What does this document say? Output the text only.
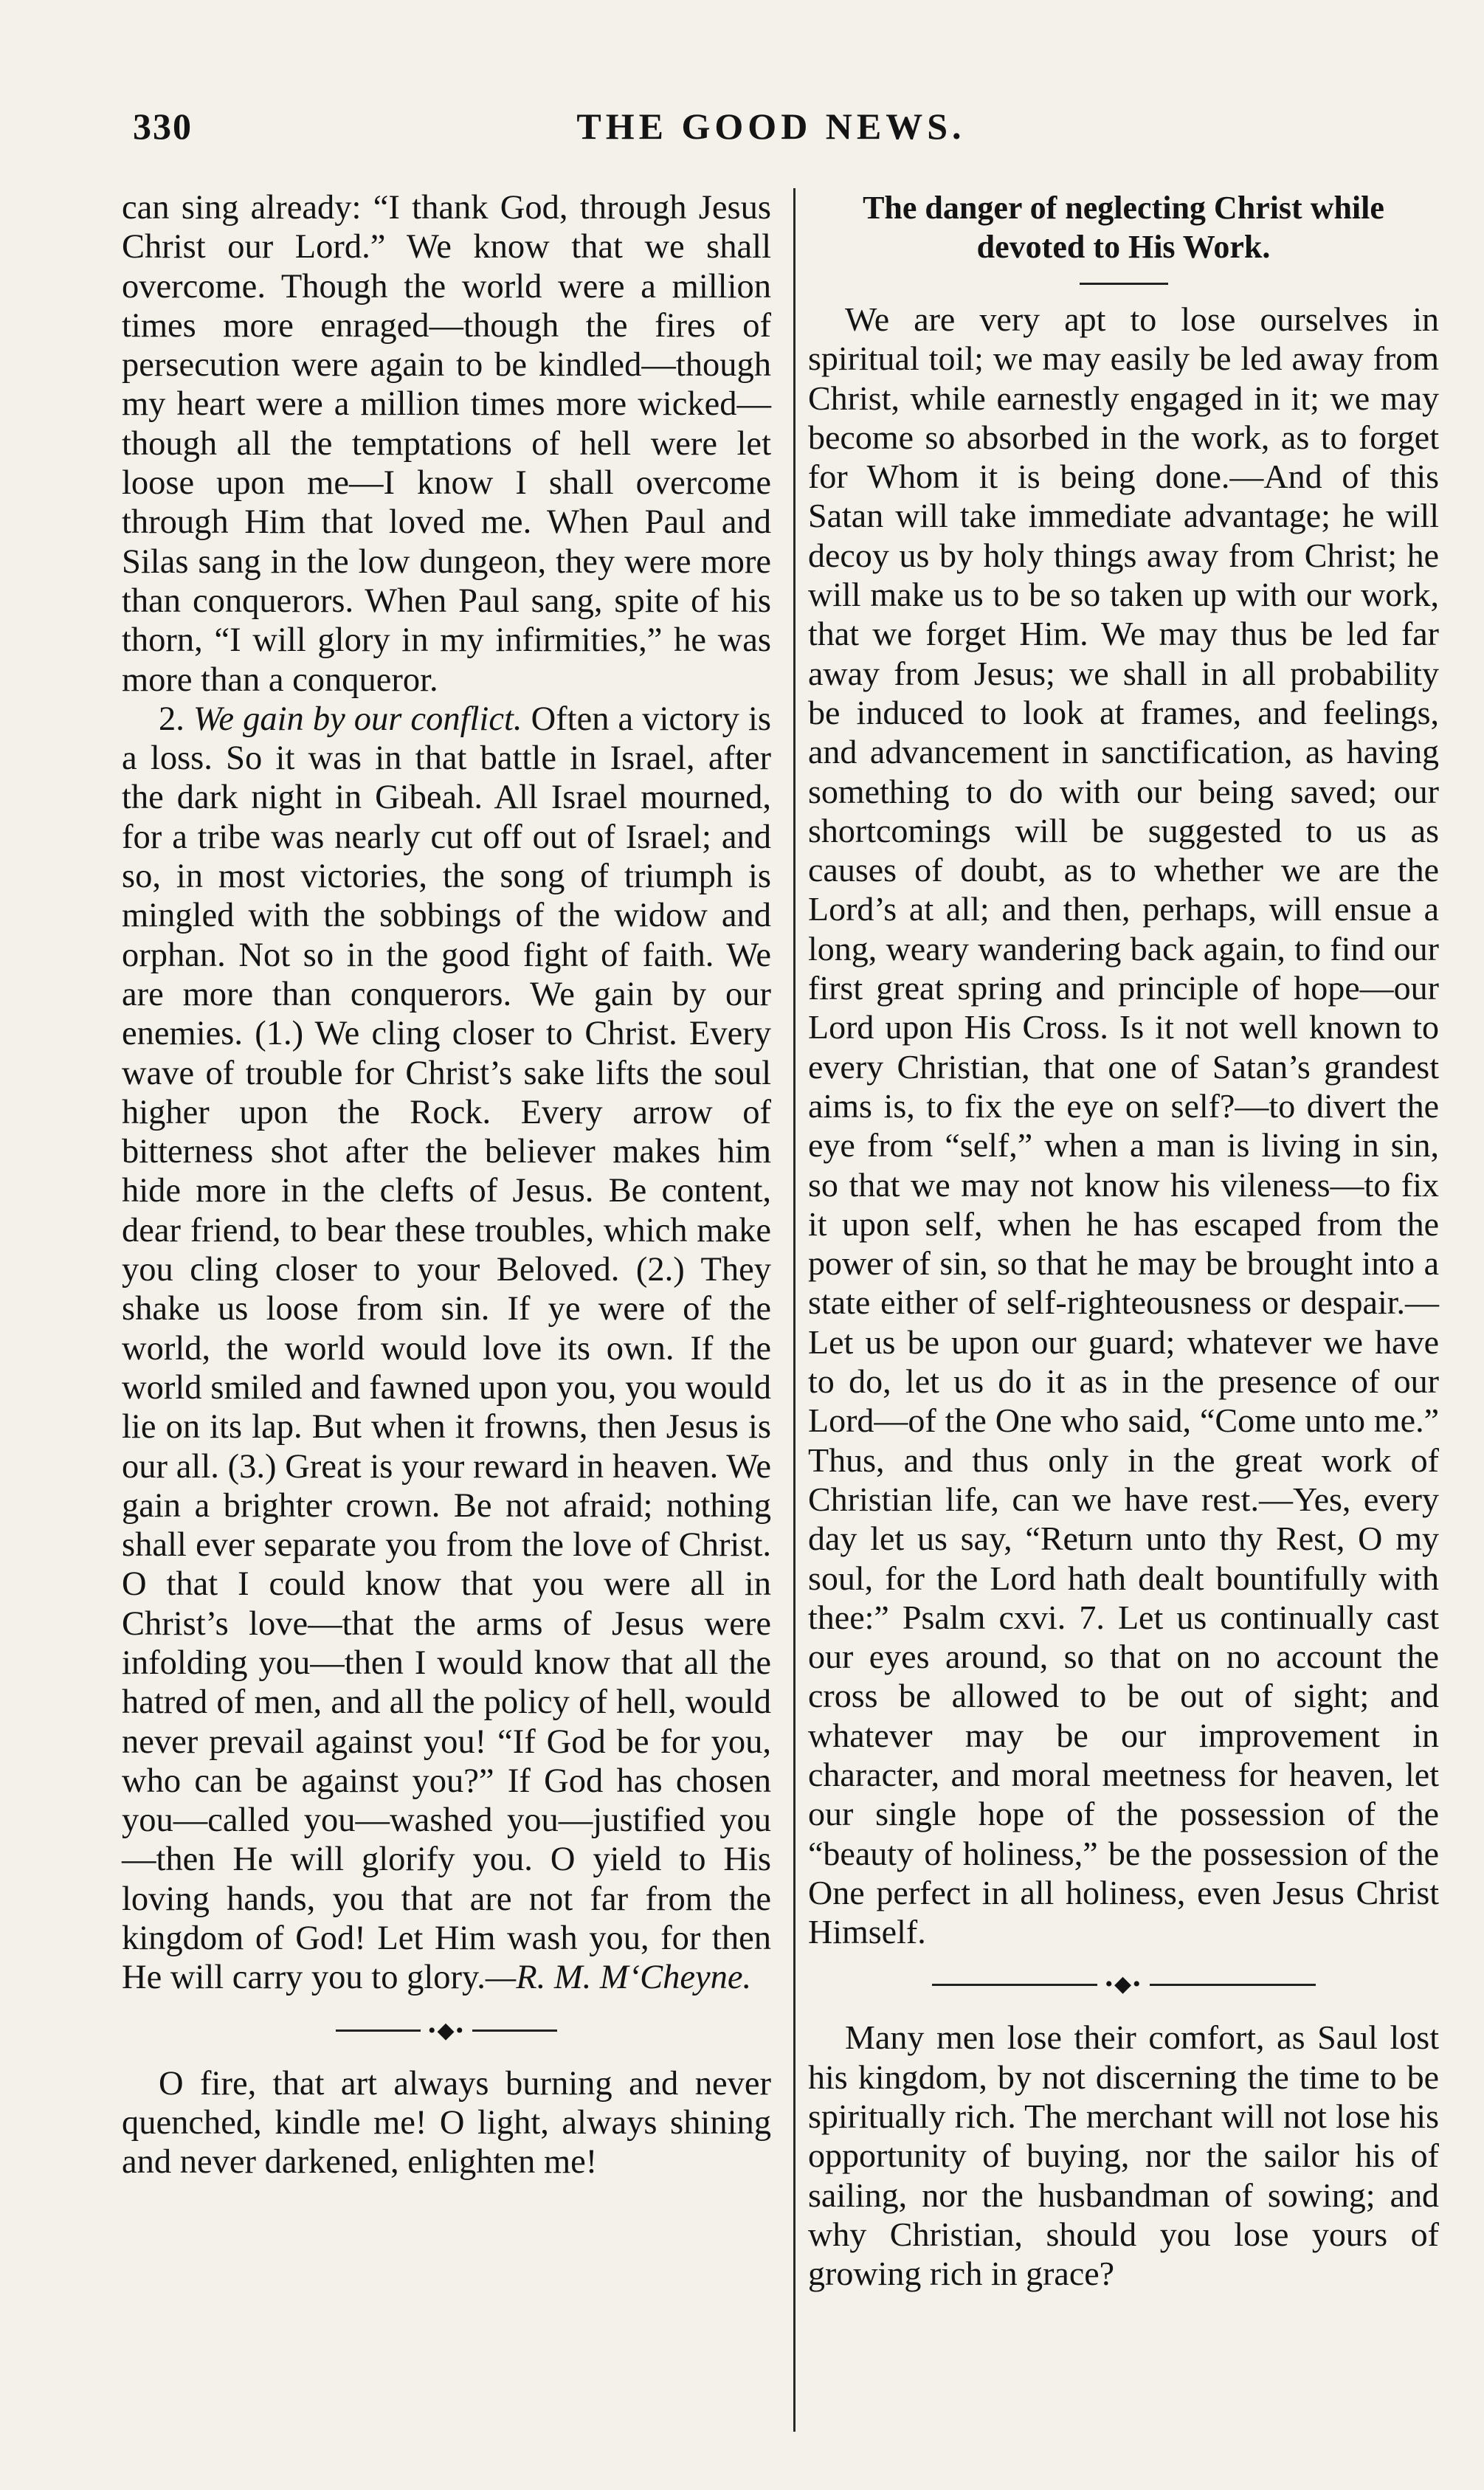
330	THE GOOD NEWS.

can sing already: “I thank God, through Jesus Christ our Lord.” We know that we shall overcome. Though the world were a million times more enraged—though the fires of persecution were again to be kindled—though my heart were a million times more wicked—though all the temptations of hell were let loose upon me—I know I shall overcome through Him that loved me. When Paul and Silas sang in the low dungeon, they were more than conquerors. When Paul sang, spite of his thorn, “I will glory in my infirmities,” he was more than a conqueror.

2. We gain by our conflict. Often a victory is a loss. So it was in that battle in Israel, after the dark night in Gibeah. All Israel mourned, for a tribe was nearly cut off out of Israel; and so, in most victories, the song of triumph is mingled with the sobbings of the widow and orphan. Not so in the good fight of faith. We are more than conquerors. We gain by our enemies. (1.) We cling closer to Christ. Every wave of trouble for Christ’s sake lifts the soul higher upon the Rock. Every arrow of bitterness shot after the believer makes him hide more in the clefts of Jesus. Be content, dear friend, to bear these troubles, which make you cling closer to your Beloved. (2.) They shake us loose from sin. If ye were of the world, the world would love its own. If the world smiled and fawned upon you, you would lie on its lap. But when it frowns, then Jesus is our all. (3.) Great is your reward in heaven. We gain a brighter crown. Be not afraid; nothing shall ever separate you from the love of Christ. O that I could know that you were all in Christ’s love—that the arms of Jesus were infolding you—then I would know that all the hatred of men, and all the policy of hell, would never prevail against you! “If God be for you, who can be against you?” If God has chosen you—called you—washed you—justified you—then He will glorify you. O yield to His loving hands, you that are not far from the kingdom of God! Let Him wash you, for then He will carry you to glory.—R. M. M‘Cheyne.

•◆•

O fire, that art always burning and never quenched, kindle me! O light, always shining and never darkened, enlighten me!

The danger of neglecting Christ while devoted to His Work.

We are very apt to lose ourselves in spiritual toil; we may easily be led away from Christ, while earnestly engaged in it; we may become so absorbed in the work, as to forget for Whom it is being done.—And of this Satan will take immediate advantage; he will decoy us by holy things away from Christ; he will make us to be so taken up with our work, that we forget Him. We may thus be led far away from Jesus; we shall in all probability be induced to look at frames, and feelings, and advancement in sanctification, as having something to do with our being saved; our shortcomings will be suggested to us as causes of doubt, as to whether we are the Lord’s at all; and then, perhaps, will ensue a long, weary wandering back again, to find our first great spring and principle of hope—our Lord upon His Cross. Is it not well known to every Christian, that one of Satan’s grandest aims is, to fix the eye on self?—to divert the eye from “self,” when a man is living in sin, so that we may not know his vileness—to fix it upon self, when he has escaped from the power of sin, so that he may be brought into a state either of self-righteousness or despair.—Let us be upon our guard; whatever we have to do, let us do it as in the presence of our Lord—of the One who said, “Come unto me.” Thus, and thus only in the great work of Christian life, can we have rest.—Yes, every day let us say, “Return unto thy Rest, O my soul, for the Lord hath dealt bountifully with thee:” Psalm cxvi. 7. Let us continually cast our eyes around, so that on no account the cross be allowed to be out of sight; and whatever may be our improvement in character, and moral meetness for heaven, let our single hope of the possession of the “beauty of holiness,” be the possession of the One perfect in all holiness, even Jesus Christ Himself.

•◆•

Many men lose their comfort, as Saul lost his kingdom, by not discerning the time to be spiritually rich. The merchant will not lose his opportunity of buying, nor the sailor his of sailing, nor the husbandman of sowing; and why Christian, should you lose yours of growing rich in grace?
